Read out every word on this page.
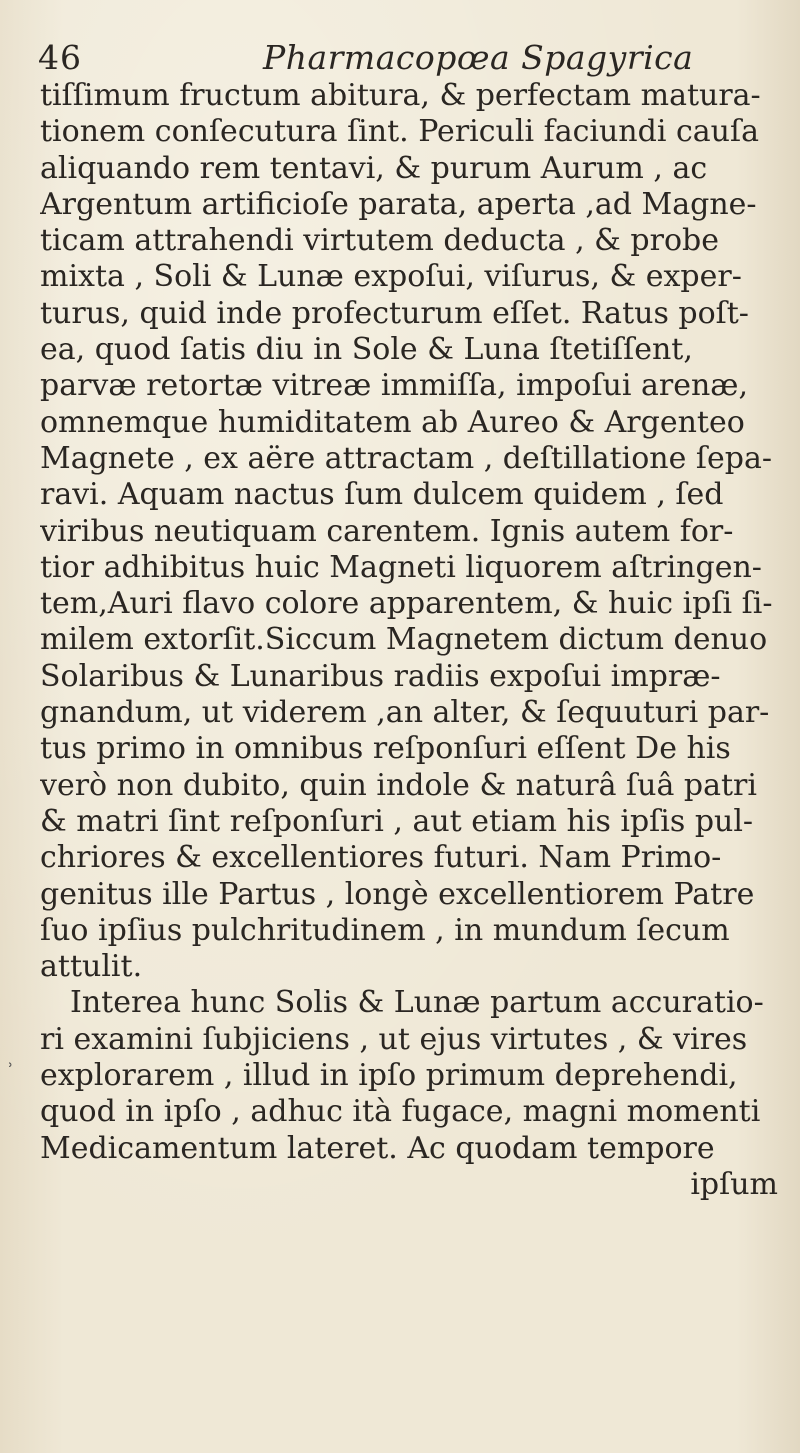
46	Pharmacopœa Spagyrica
tiſſimum fructum abitura, & perfectam matura-
tionem conſecutura ſint. Periculi faciundi cauſa
aliquando rem tentavi, & purum Aurum , ac
Argentum artificioſe parata, aperta ,ad Magne-
ticam attrahendi virtutem deducta , & probe
mixta , Soli & Lunæ expoſui, viſurus, & exper-
turus, quid inde profecturum eſſet. Ratus poſt-
ea, quod ſatis diu in Sole & Luna ſtetiſſent,
parvæ retortæ vitreæ immiſſa, impoſui arenæ,
omnemque humiditatem ab Aureo & Argenteo
Magnete , ex aëre attractam , deſtillatione ſepa-
ravi. Aquam nactus ſum dulcem quidem , ſed
viribus neutiquam carentem. Ignis autem for-
tior adhibitus huic Magneti liquorem aſtringen-
tem,Auri flavo colore apparentem, & huic ipſi ſi-
milem extorſit.Siccum Magnetem dictum denuo
Solaribus & Lunaribus radiis expoſui impræ-
gnandum, ut viderem ,an alter, & ſequuturi par-
tus primo in omnibus reſponſuri eſſent De his
verò non dubito, quin indole & naturâ ſuâ patri
& matri ſint reſponſuri , aut etiam his ipſis pul-
chriores & excellentiores futuri. Nam Primo-
genitus ille Partus , longè excellentiorem Patre
ſuo ipſius pulchritudinem , in mundum ſecum
attulit.
Interea hunc Solis & Lunæ partum accuratio-
ri examini ſubjiciens , ut ejus virtutes , & vires
explorarem , illud in ipſo primum deprehendi,
quod in ipſo , adhuc ità fugace, magni momenti
Medicamentum lateret. Ac quodam tempore
ipſum
ʾ
